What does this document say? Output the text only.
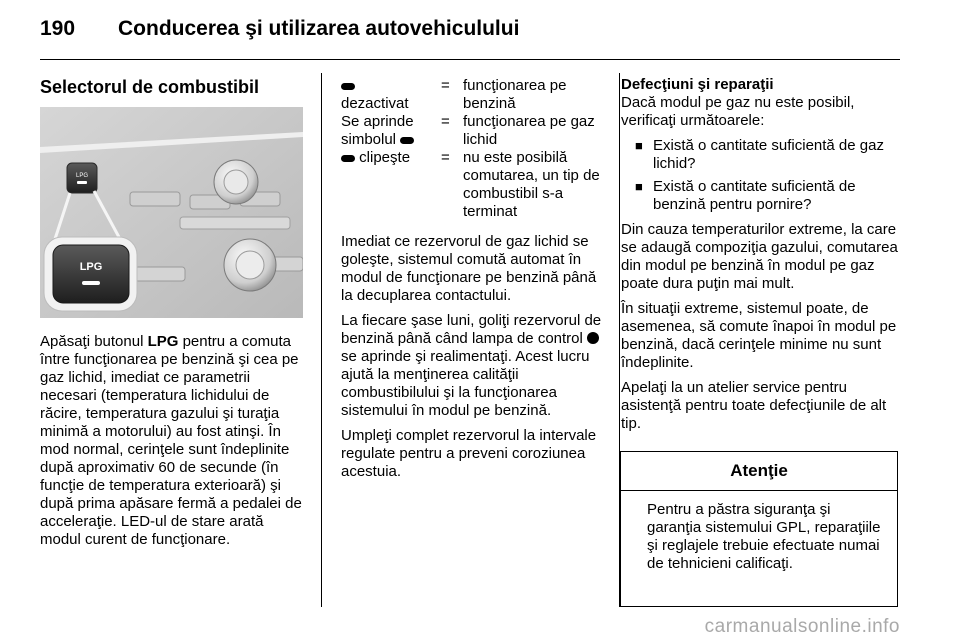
190 Conducerea şi utilizarea autovehiculului
Selectorul de combustibil
LPG
LPG

Apăsaţi butonul LPG pentru a comuta între funcţionarea pe benzină şi cea pe gaz lichid, imediat ce parametrii necesari (temperatura lichidului de răcire, temperatura gazului şi turaţia minimă a motorului) au fost atinşi. În mod normal, cerinţele sunt îndeplinite după aproximativ 60 de secunde (în funcţie de temperatura exterioară) şi după prima apăsare fermă a pedalei de acceleraţie. LED-ul de stare arată modul curent de funcţionare.

dezactivat	=	funcţionarea pe benzină
Se aprinde simbolul	=	funcţionarea pe gaz lichid
clipeşte	=	nu este posibilă comutarea, un tip de combustibil s-a terminat

Imediat ce rezervorul de gaz lichid se goleşte, sistemul comută automat în modul de funcţionare pe benzină până la decuplarea contactului.

La fiecare şase luni, goliţi rezervorul de benzină până când lampa de control  se aprinde şi realimentaţi. Acest lucru ajută la menţinerea calităţii combustibilului şi la funcţionarea sistemului în modul pe benzină.

Umpleţi complet rezervorul la intervale regulate pentru a preveni coroziunea acestuia.

Defecţiuni şi reparaţii

Dacă modul pe gaz nu este posibil, verificaţi următoarele:

■ Există o cantitate suficientă de gaz lichid?
■ Există o cantitate suficientă de benzină pentru pornire?

Din cauza temperaturilor extreme, la care se adaugă compoziţia gazului, comutarea din modul pe benzină în modul pe gaz poate dura puţin mai mult.

În situaţii extreme, sistemul poate, de asemenea, să comute înapoi în modul pe benzină, dacă cerinţele minime nu sunt îndeplinite.

Apelaţi la un atelier service pentru asistenţă pentru toate defecţiunile de alt tip.

Atenţie
Pentru a păstra siguranţa şi garanţia sistemului GPL, reparaţiile şi reglajele trebuie efectuate numai de tehnicieni calificaţi.
carmanualsonline.info
